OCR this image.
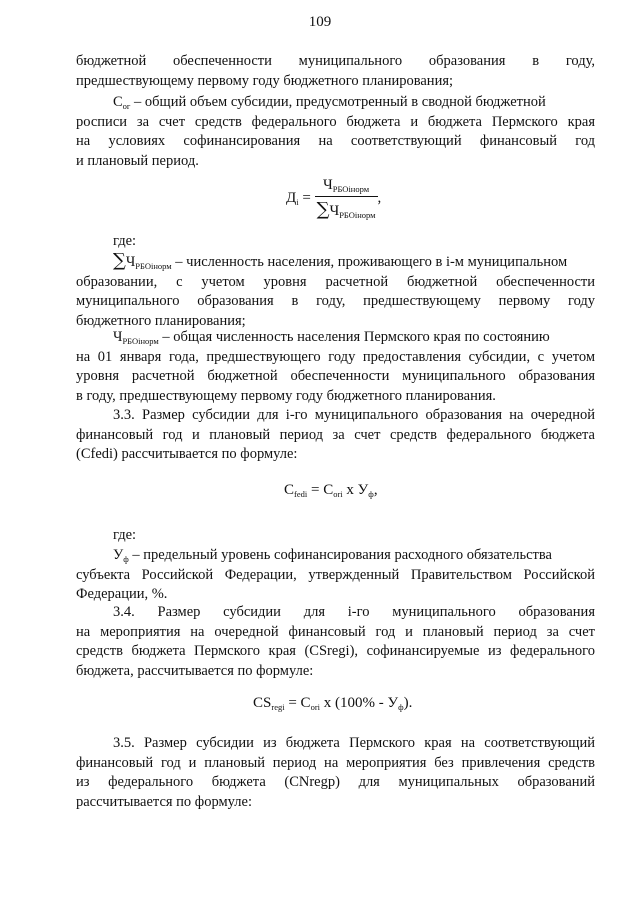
109
бюджетной обеспеченности муниципального образования в году,
предшествующему первому году бюджетного планирования;
$С_{ог}$ – общий объем субсидии, предусмотренный в сводной бюджетной
росписи за счет средств федерального бюджета и бюджета Пермского края
на условиях софинансирования на соответствующий финансовый год
и плановый период.
$Д_i = \frac{Ч_{РБОiнорм}}{\sum Ч_{РБОiнорм}}$ ,
где:
$\sum Ч_{РБОiнорм}$ – численность населения, проживающего в i-м муниципальном
образовании, с учетом уровня расчетной бюджетной обеспеченности
муниципального образования в году, предшествующему первому году
бюджетного планирования;
$Ч_{РБОiнорм}$ – общая численность населения Пермского края по состоянию
на 01 января года, предшествующего году предоставления субсидии, с учетом
уровня расчетной бюджетной обеспеченности муниципального образования
в году, предшествующему первому году бюджетного планирования.
3.3. Размер субсидии для i-го муниципального образования на очередной
финансовый год и плановый период за счет средств федерального бюджета
(Cfedi) рассчитывается по формуле:
$C_{fedi} = C_{ori}$ х $У_ф$,
где:
$У_ф$ – предельный уровень софинансирования расходного обязательства
субъекта Российской Федерации, утвержденный Правительством Российской
Федерации, %.
3.4. Размер субсидии для i-го муниципального образования
на мероприятия на очередной финансовый год и плановый период за счет
средств бюджета Пермского края (CSregi), софинансируемые из федерального
бюджета, рассчитывается по формуле:
$CS_{regi} = C_{ori}$ х $(100\% - У_ф)$.
3.5. Размер субсидии из бюджета Пермского края на соответствующий
финансовый год и плановый период на мероприятия без привлечения средств
из федерального бюджета (CNregр) для муниципальных образований
рассчитывается по формуле:
